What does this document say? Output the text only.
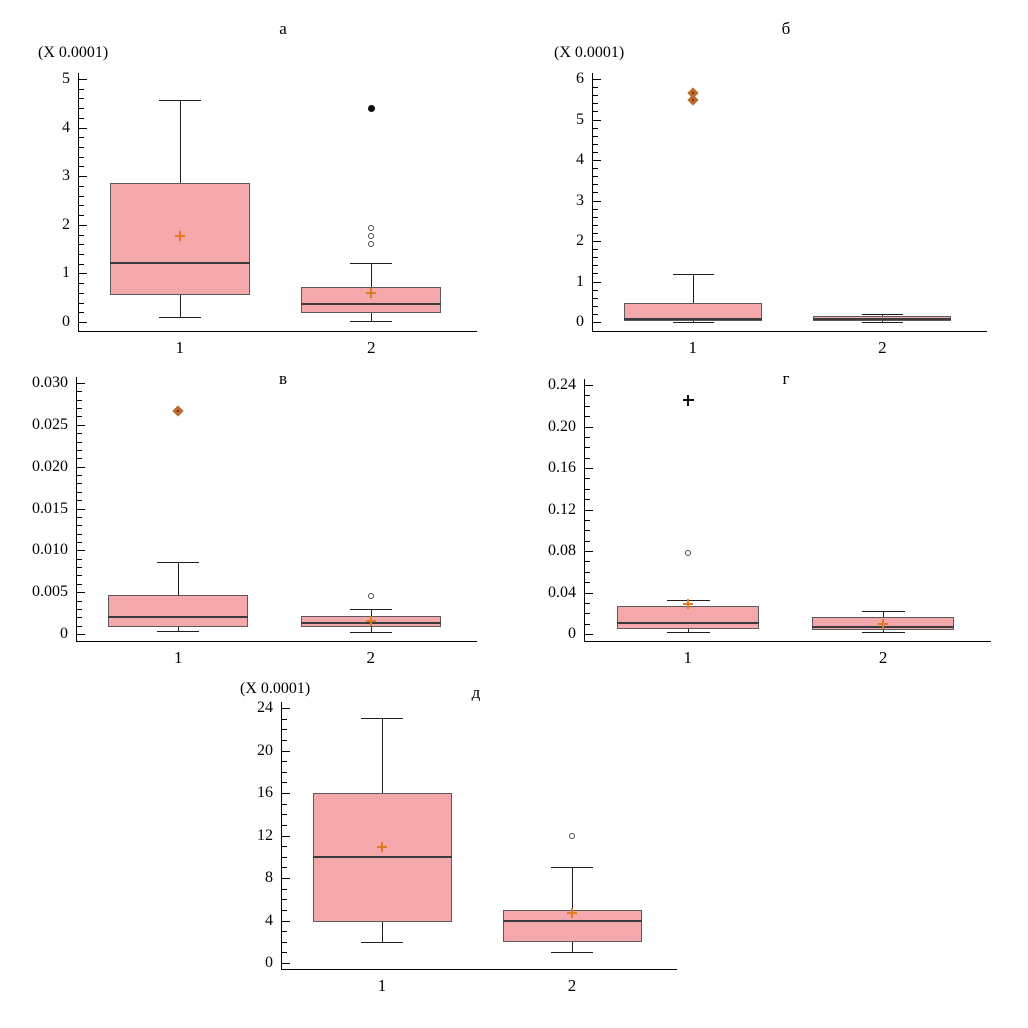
(X 0.0001)
а
0
1
2
3
4
5
1	2
(X 0.0001)
б
0
1
2
3
4
5
6
1	2
в
0
0.005
0.010
0.015
0.020
0.025
0.030
1	2
г
0
0.04
0.08
0.12
0.16
0.20
0.24
1	2
(X 0.0001)	д
0
4
8
12
16
20
24
1	2
